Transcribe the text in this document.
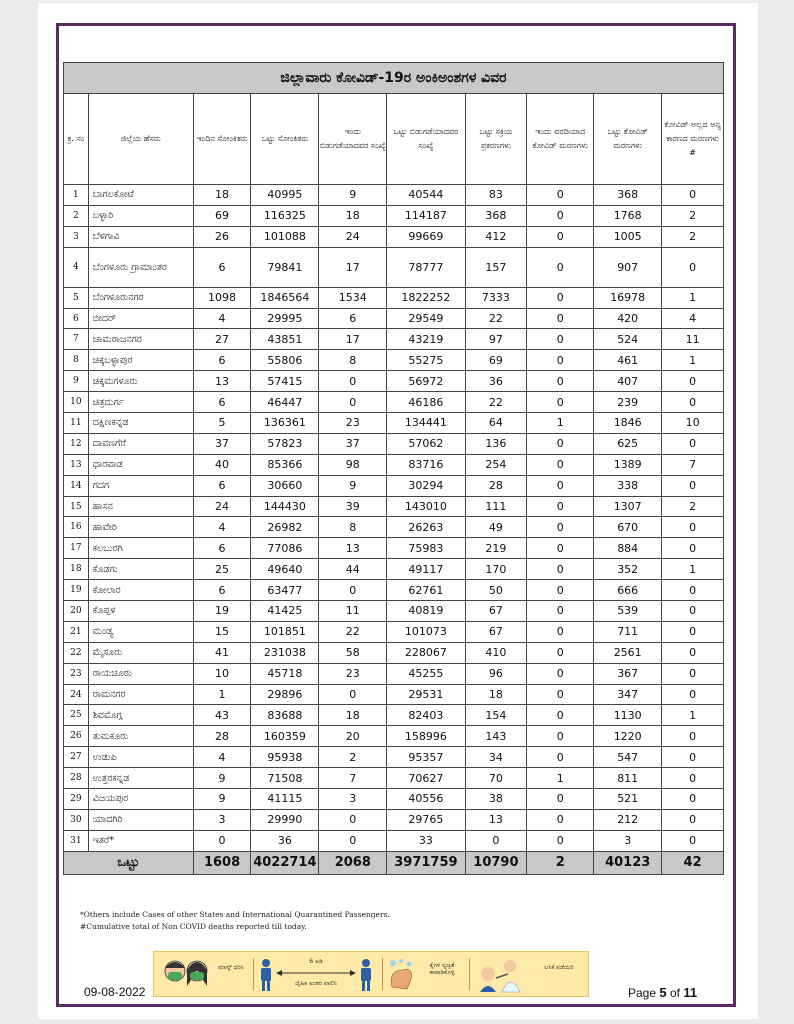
ಜಿಲ್ಲಾವಾರು ಕೋವಿಡ್‌-19ರ ಅಂಕಿಅಂಶಗಳ ವಿವರ									
ಕ್ರ. ಸಂ	ಜಿಲ್ಲೆಯ ಹೆಸರು	ಇಂದಿನ ಸೋಂಕಿತರು	ಒಟ್ಟು ಸೋಂಕಿತರು	ಇಂದು ಬಿಡುಗಡೆಯಾದವರ ಸಂಖ್ಯೆ	ಒಟ್ಟು ಬಿಡುಗಡೆಯಾದವರ ಸಂಖ್ಯೆ	ಒಟ್ಟು ಸಕ್ರಿಯ ಪ್ರಕರಣಗಳು	ಇಂದು ವರದಿಯಾದ ಕೋವಿಡ್‌ ಮರಣಗಳು	ಒಟ್ಟು ಕೋವಿಡ್‌ ಮರಣಗಳು	ಕೋವಿಡ್‌ ಅಲ್ಲದ ಅನ್ಯ ಕಾರಣದ ಮರಣಗಳು #
1	ಬಾಗಲಕೋಟೆ	18	40995	9	40544	83	0	368	0
2	ಬಳ್ಳಾರಿ	69	116325	18	114187	368	0	1768	2
3	ಬೆಳಗಾವಿ	26	101088	24	99669	412	0	1005	2
4	ಬೆಂಗಳೂರು ಗ್ರಾಮಾಂತರ	6	79841	17	78777	157	0	907	0
5	ಬೆಂಗಳೂರುನಗರ	1098	1846564	1534	1822252	7333	0	16978	1
6	ಬೀದರ್	4	29995	6	29549	22	0	420	4
7	ಚಾಮರಾಜನಗರ	27	43851	17	43219	97	0	524	11
8	ಚಿಕ್ಕಬಳ್ಳಾಪುರ	6	55806	8	55275	69	0	461	1
9	ಚಿಕ್ಕಮಗಳೂರು	13	57415	0	56972	36	0	407	0
10	ಚಿತ್ರದುರ್ಗ	6	46447	0	46186	22	0	239	0
11	ದಕ್ಷಿಣಕನ್ನಡ	5	136361	23	134441	64	1	1846	10
12	ದಾವಣಗೆರೆ	37	57823	37	57062	136	0	625	0
13	ಧಾರವಾಡ	40	85366	98	83716	254	0	1389	7
14	ಗದಗ	6	30660	9	30294	28	0	338	0
15	ಹಾಸನ	24	144430	39	143010	111	0	1307	2
16	ಹಾವೇರಿ	4	26982	8	26263	49	0	670	0
17	ಕಲಬುರಗಿ	6	77086	13	75983	219	0	884	0
18	ಕೊಡಗು	25	49640	44	49117	170	0	352	1
19	ಕೋಲಾರ	6	63477	0	62761	50	0	666	0
20	ಕೊಪ್ಪಳ	19	41425	11	40819	67	0	539	0
21	ಮಂಡ್ಯ	15	101851	22	101073	67	0	711	0
22	ಮೈಸೂರು	41	231038	58	228067	410	0	2561	0
23	ರಾಯಚೂರು	10	45718	23	45255	96	0	367	0
24	ರಾಮನಗರ	1	29896	0	29531	18	0	347	0
25	ಶಿವಮೊಗ್ಗ	43	83688	18	82403	154	0	1130	1
26	ತುಮಕೂರು	28	160359	20	158996	143	0	1220	0
27	ಉಡುಪಿ	4	95938	2	95357	34	0	547	0
28	ಉತ್ತರಕನ್ನಡ	9	71508	7	70627	70	1	811	0
29	ವಿಜಯಪುರ	9	41115	3	40556	38	0	521	0
30	ಯಾದಗಿರಿ	3	29990	0	29765	13	0	212	0
31	ಇತರೆ*	0	36	0	33	0	0	3	0
ಒಟ್ಟು		1608	4022714	2068	3971759	10790	2	40123	42
*Others include Cases of other States and International Quarantined Passengers.
#Cumulative total of Non COVID deaths reported till today.
ಮಾಸ್ಕ್ ಧರಿಸಿ
6 ಅಡಿ
ದೈಹಿಕ ಅಂತರ ಪಾಲಿಸಿ
ಕೈಗಳ ಸ್ವಚ್ಛತೆ ಕಾಪಾಡಿಕೊಳ್ಳಿ
ಲಸಿಕೆ ಪಡೆಯಿರಿ
09-08-2022	Page 5 of 11
